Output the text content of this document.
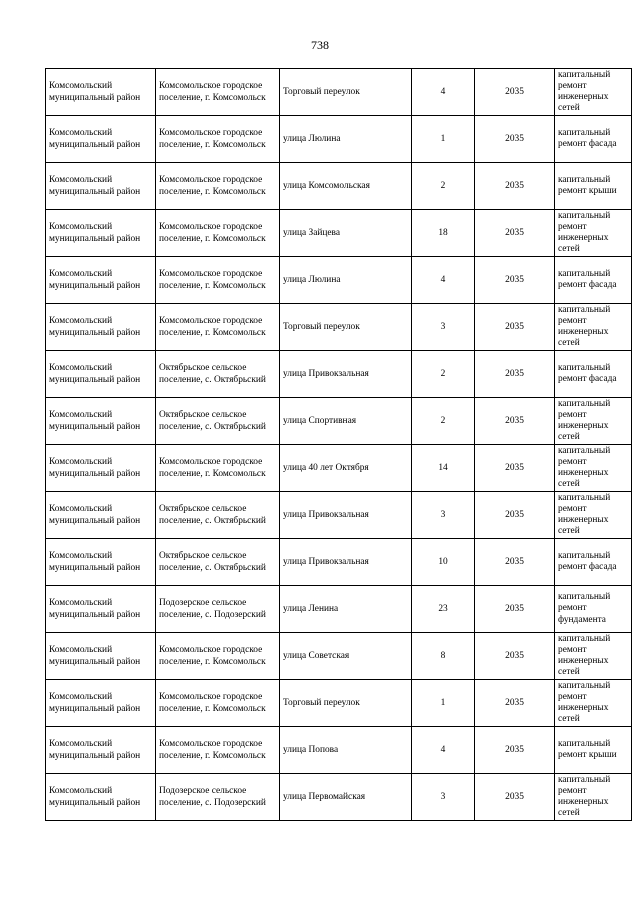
738
Комсомольский муниципальный район	Комсомольское городское поселение, г. Комсомольск	Торговый переулок	4	2035	капитальный ремонт инженерных сетей
Комсомольский муниципальный район	Комсомольское городское поселение, г. Комсомольск	улица Люлина	1	2035	капитальный ремонт фасада
Комсомольский муниципальный район	Комсомольское городское поселение, г. Комсомольск	улица Комсомольская	2	2035	капитальный ремонт крыши
Комсомольский муниципальный район	Комсомольское городское поселение, г. Комсомольск	улица Зайцева	18	2035	капитальный ремонт инженерных сетей
Комсомольский муниципальный район	Комсомольское городское поселение, г. Комсомольск	улица Люлина	4	2035	капитальный ремонт фасада
Комсомольский муниципальный район	Комсомольское городское поселение, г. Комсомольск	Торговый переулок	3	2035	капитальный ремонт инженерных сетей
Комсомольский муниципальный район	Октябрьское сельское поселение, с. Октябрьский	улица Привокзальная	2	2035	капитальный ремонт фасада
Комсомольский муниципальный район	Октябрьское сельское поселение, с. Октябрьский	улица Спортивная	2	2035	капитальный ремонт инженерных сетей
Комсомольский муниципальный район	Комсомольское городское поселение, г. Комсомольск	улица 40 лет Октября	14	2035	капитальный ремонт инженерных сетей
Комсомольский муниципальный район	Октябрьское сельское поселение, с. Октябрьский	улица Привокзальная	3	2035	капитальный ремонт инженерных сетей
Комсомольский муниципальный район	Октябрьское сельское поселение, с. Октябрьский	улица Привокзальная	10	2035	капитальный ремонт фасада
Комсомольский муниципальный район	Подозерское сельское поселение, с. Подозерский	улица Ленина	23	2035	капитальный ремонт фундамента
Комсомольский муниципальный район	Комсомольское городское поселение, г. Комсомольск	улица Советская	8	2035	капитальный ремонт инженерных сетей
Комсомольский муниципальный район	Комсомольское городское поселение, г. Комсомольск	Торговый переулок	1	2035	капитальный ремонт инженерных сетей
Комсомольский муниципальный район	Комсомольское городское поселение, г. Комсомольск	улица Попова	4	2035	капитальный ремонт крыши
Комсомольский муниципальный район	Подозерское сельское поселение, с. Подозерский	улица Первомайская	3	2035	капитальный ремонт инженерных сетей
